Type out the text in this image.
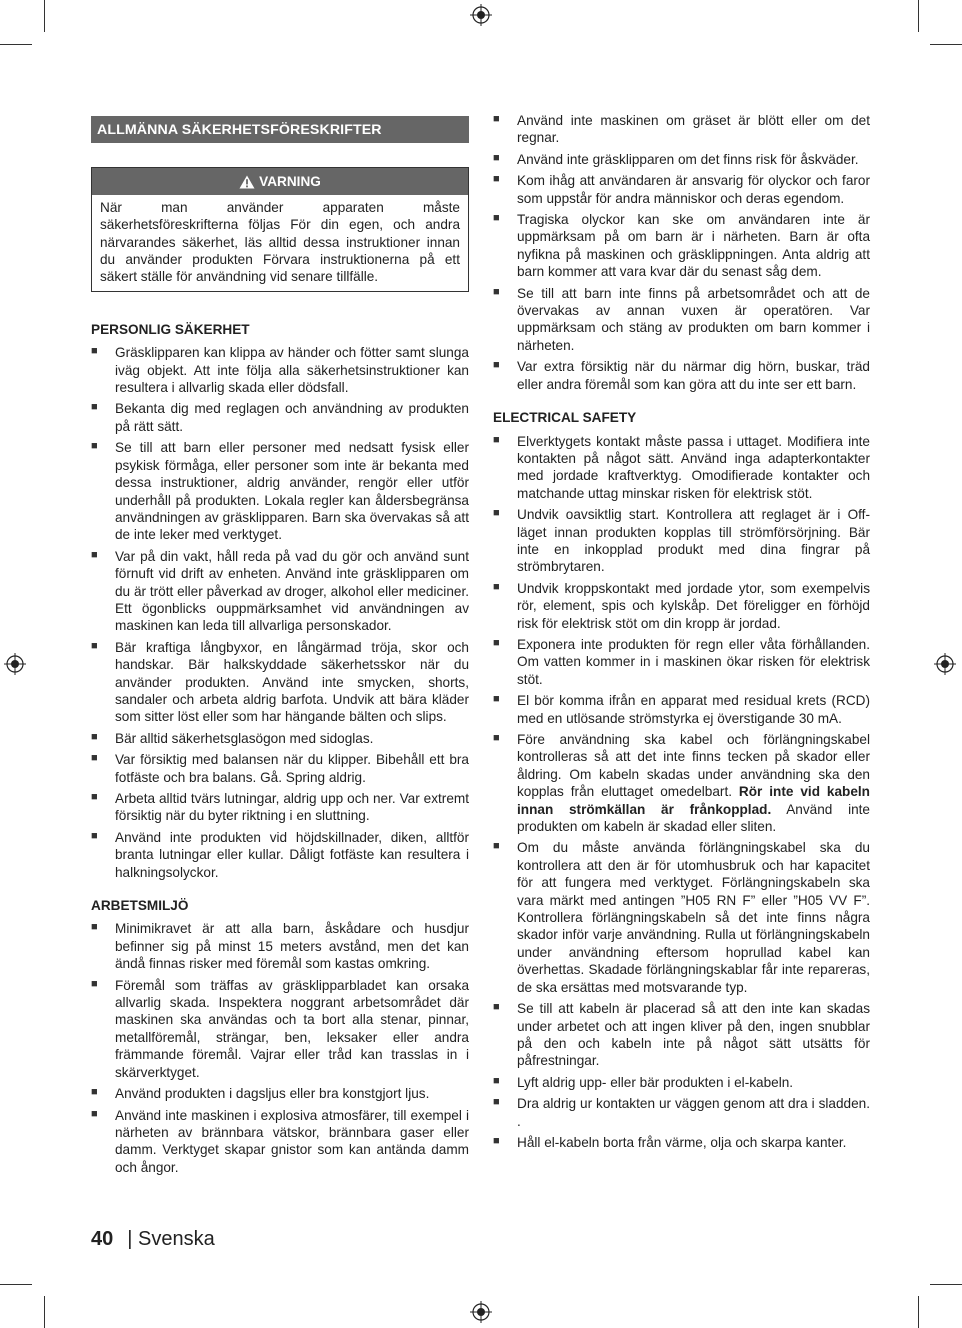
ALLMÄNNA SÄKERHETSFÖRESKRIFTER
VARNING
När man använder apparaten måste säkerhetsföreskrifterna följas För din egen, och andra närvarandes säkerhet, läs alltid dessa instruktioner innan du använder produkten Förvara instruktionerna på ett säkert ställe för användning vid senare tillfälle.
PERSONLIG SÄKERHET
■ Gräsklipparen kan klippa av händer och fötter samt slunga iväg objekt. Att inte följa alla säkerhetsinstruktioner kan resultera i allvarlig skada eller dödsfall.
■ Bekanta dig med reglagen och användning av produkten på rätt sätt.
■ Se till att barn eller personer med nedsatt fysisk eller psykisk förmåga, eller personer som inte är bekanta med dessa instruktioner, aldrig använder, rengör eller utför underhåll på produkten. Lokala regler kan åldersbegränsa användningen av gräsklipparen. Barn ska övervakas så att de inte leker med verktyget.
■ Var på din vakt, håll reda på vad du gör och använd sunt förnuft vid drift av enheten. Använd inte gräsklipparen om du är trött eller påverkad av droger, alkohol eller mediciner. Ett ögonblicks ouppmärksamhet vid användningen av maskinen kan leda till allvarliga personskador.
■ Bär kraftiga långbyxor, en långärmad tröja, skor och handskar. Bär halkskyddade säkerhetsskor när du använder produkten. Använd inte smycken, shorts, sandaler och arbeta aldrig barfota. Undvik att bära kläder som sitter löst eller som har hängande bälten och slips.
■ Bär alltid säkerhetsglasögon med sidoglas.
■ Var försiktig med balansen när du klipper. Bibehåll ett bra fotfäste och bra balans. Gå. Spring aldrig.
■ Arbeta alltid tvärs lutningar, aldrig upp och ner. Var extremt försiktig när du byter riktning i en sluttning.
■ Använd inte produkten vid höjdskillnader, diken, alltför branta lutningar eller kullar. Dåligt fotfäste kan resultera i halkningsolyckor.
ARBETSMILJÖ
■ Minimikravet är att alla barn, åskådare och husdjur befinner sig på minst 15 meters avstånd, men det kan ändå finnas risker med föremål som kastas omkring.
■ Föremål som träffas av gräsklipparbladet kan orsaka allvarlig skada. Inspektera noggrant arbetsområdet där maskinen ska användas och ta bort alla stenar, pinnar, metallföremål, strängar, ben, leksaker eller andra främmande föremål. Vajrar eller tråd kan trasslas in i skärverktyget.
■ Använd produkten i dagsljus eller bra konstgjort ljus.
■ Använd inte maskinen i explosiva atmosfärer, till exempel i närheten av brännbara vätskor, brännbara gaser eller damm. Verktyget skapar gnistor som kan antända damm och ångor.
■ Använd inte maskinen om gräset är blött eller om det regnar.
■ Använd inte gräsklipparen om det finns risk för åskväder.
■ Kom ihåg att användaren är ansvarig för olyckor och faror som uppstår för andra människor och deras egendom.
■ Tragiska olyckor kan ske om användaren inte är uppmärksam på om barn är i närheten. Barn är ofta nyfikna på maskinen och gräsklippningen. Anta aldrig att barn kommer att vara kvar där du senast såg dem.
■ Se till att barn inte finns på arbetsområdet och att de övervakas av annan vuxen är operatören. Var uppmärksam och stäng av produkten om barn kommer i närheten.
■ Var extra försiktig när du närmar dig hörn, buskar, träd eller andra föremål som kan göra att du inte ser ett barn.
ELECTRICAL SAFETY
■ Elverktygets kontakt måste passa i uttaget. Modifiera inte kontakten på något sätt. Använd inga adapterkontakter med jordade kraftverktyg. Omodifierade kontakter och matchande uttag minskar risken för elektrisk stöt.
■ Undvik oavsiktlig start. Kontrollera att reglaget är i Off-läget innan produkten kopplas till strömförsörjning. Bär inte en inkopplad produkt med dina fingrar på strömbrytaren.
■ Undvik kroppskontakt med jordade ytor, som exempelvis rör, element, spis och kylskåp. Det föreligger en förhöjd risk för elektrisk stöt om din kropp är jordad.
■ Exponera inte produkten för regn eller våta förhållanden. Om vatten kommer in i maskinen ökar risken för elektrisk stöt.
■ El bör komma ifrån en apparat med residual krets (RCD) med en utlösande strömstyrka ej överstigande 30 mA.
■ Före användning ska kabel och förlängningskabel kontrolleras så att det inte finns tecken på skador eller åldring. Om kabeln skadas under användning ska den kopplas från eluttaget omedelbart. Rör inte vid kabeln innan strömkällan är frånkopplad. Använd inte produkten om kabeln är skadad eller sliten.
■ Om du måste använda förlängningskabel ska du kontrollera att den är för utomhusbruk och har kapacitet för att fungera med verktyget. Förlängningskabeln ska vara märkt med antingen ”H05 RN F” eller ”H05 VV F”. Kontrollera förlängningskabeln så det inte finns några skador inför varje användning. Rulla ut förlängningskabeln under användning eftersom hoprullad kabel kan överhettas. Skadade förlängningskablar får inte repareras, de ska ersättas med motsvarande typ.
■ Se till att kabeln är placerad så att den inte kan skadas under arbetet och att ingen kliver på den, ingen snubblar på den och kabeln inte på något sätt utsätts för påfrestningar.
■ Lyft aldrig upp- eller bär produkten i el-kabeln.
■ Dra aldrig ur kontakten ur väggen genom att dra i sladden. .
■ Håll el-kabeln borta från värme, olja och skarpa kanter.
40 | Svenska
